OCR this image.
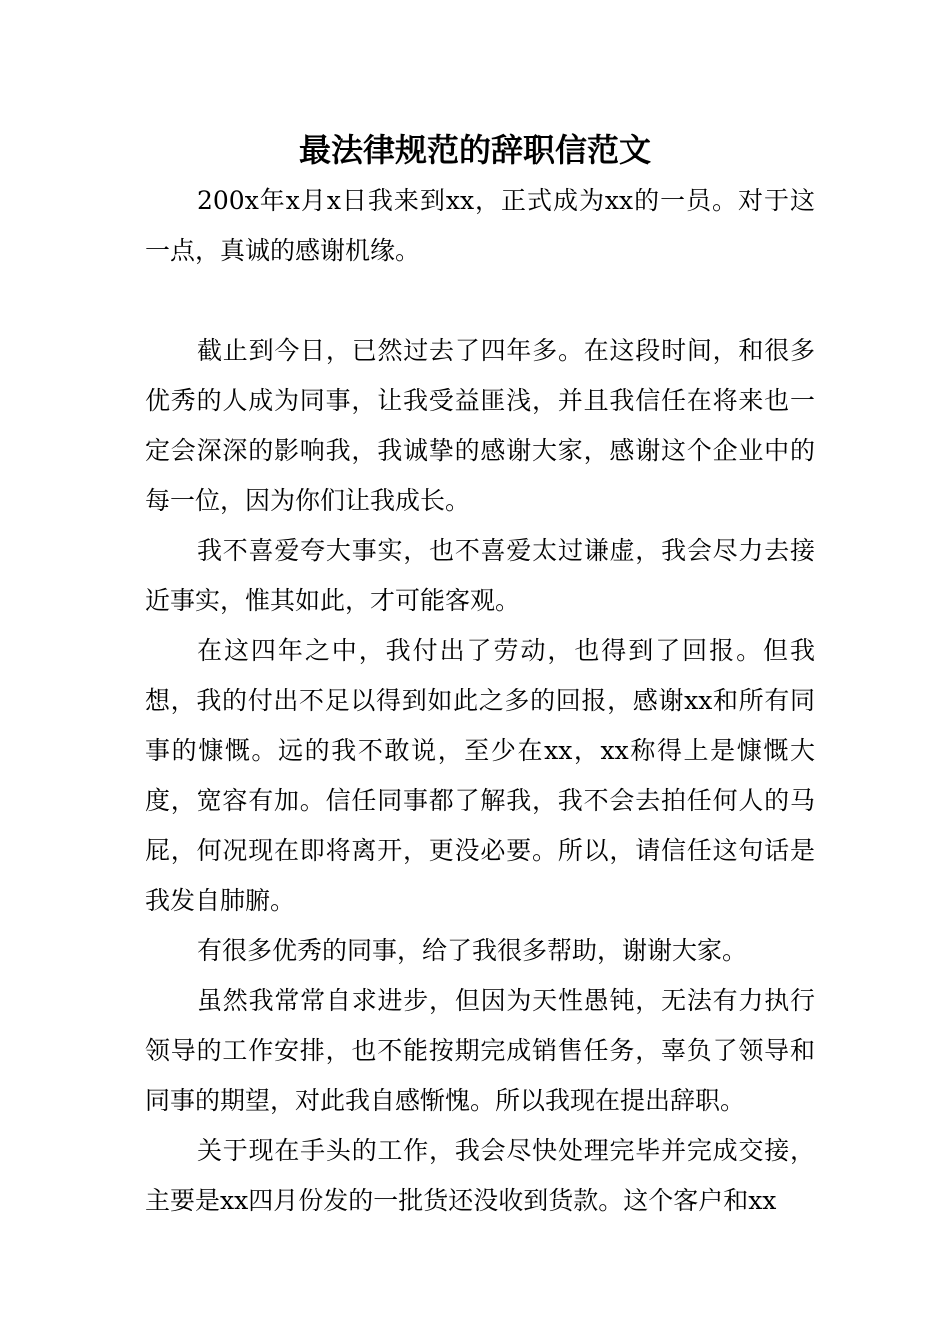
最法律规范的辞职信范文

200x年x月x日我来到xx，正式成为xx的一员。对于这一点，真诚的感谢机缘。

截止到今日，已然过去了四年多。在这段时间，和很多优秀的人成为同事，让我受益匪浅，并且我信任在将来也一定会深深的影响我，我诚挚的感谢大家，感谢这个企业中的每一位，因为你们让我成长。

我不喜爱夸大事实，也不喜爱太过谦虚，我会尽力去接近事实，惟其如此，才可能客观。

在这四年之中，我付出了劳动，也得到了回报。但我想，我的付出不足以得到如此之多的回报，感谢xx和所有同事的慷慨。远的我不敢说，至少在xx，xx称得上是慷慨大度，宽容有加。信任同事都了解我，我不会去拍任何人的马屁，何况现在即将离开，更没必要。所以，请信任这句话是我发自肺腑。

有很多优秀的同事，给了我很多帮助，谢谢大家。

虽然我常常自求进步，但因为天性愚钝，无法有力执行领导的工作安排，也不能按期完成销售任务，辜负了领导和同事的期望，对此我自感惭愧。所以我现在提出辞职。

关于现在手头的工作，我会尽快处理完毕并完成交接，主要是xx四月份发的一批货还没收到货款。这个客户和xx
